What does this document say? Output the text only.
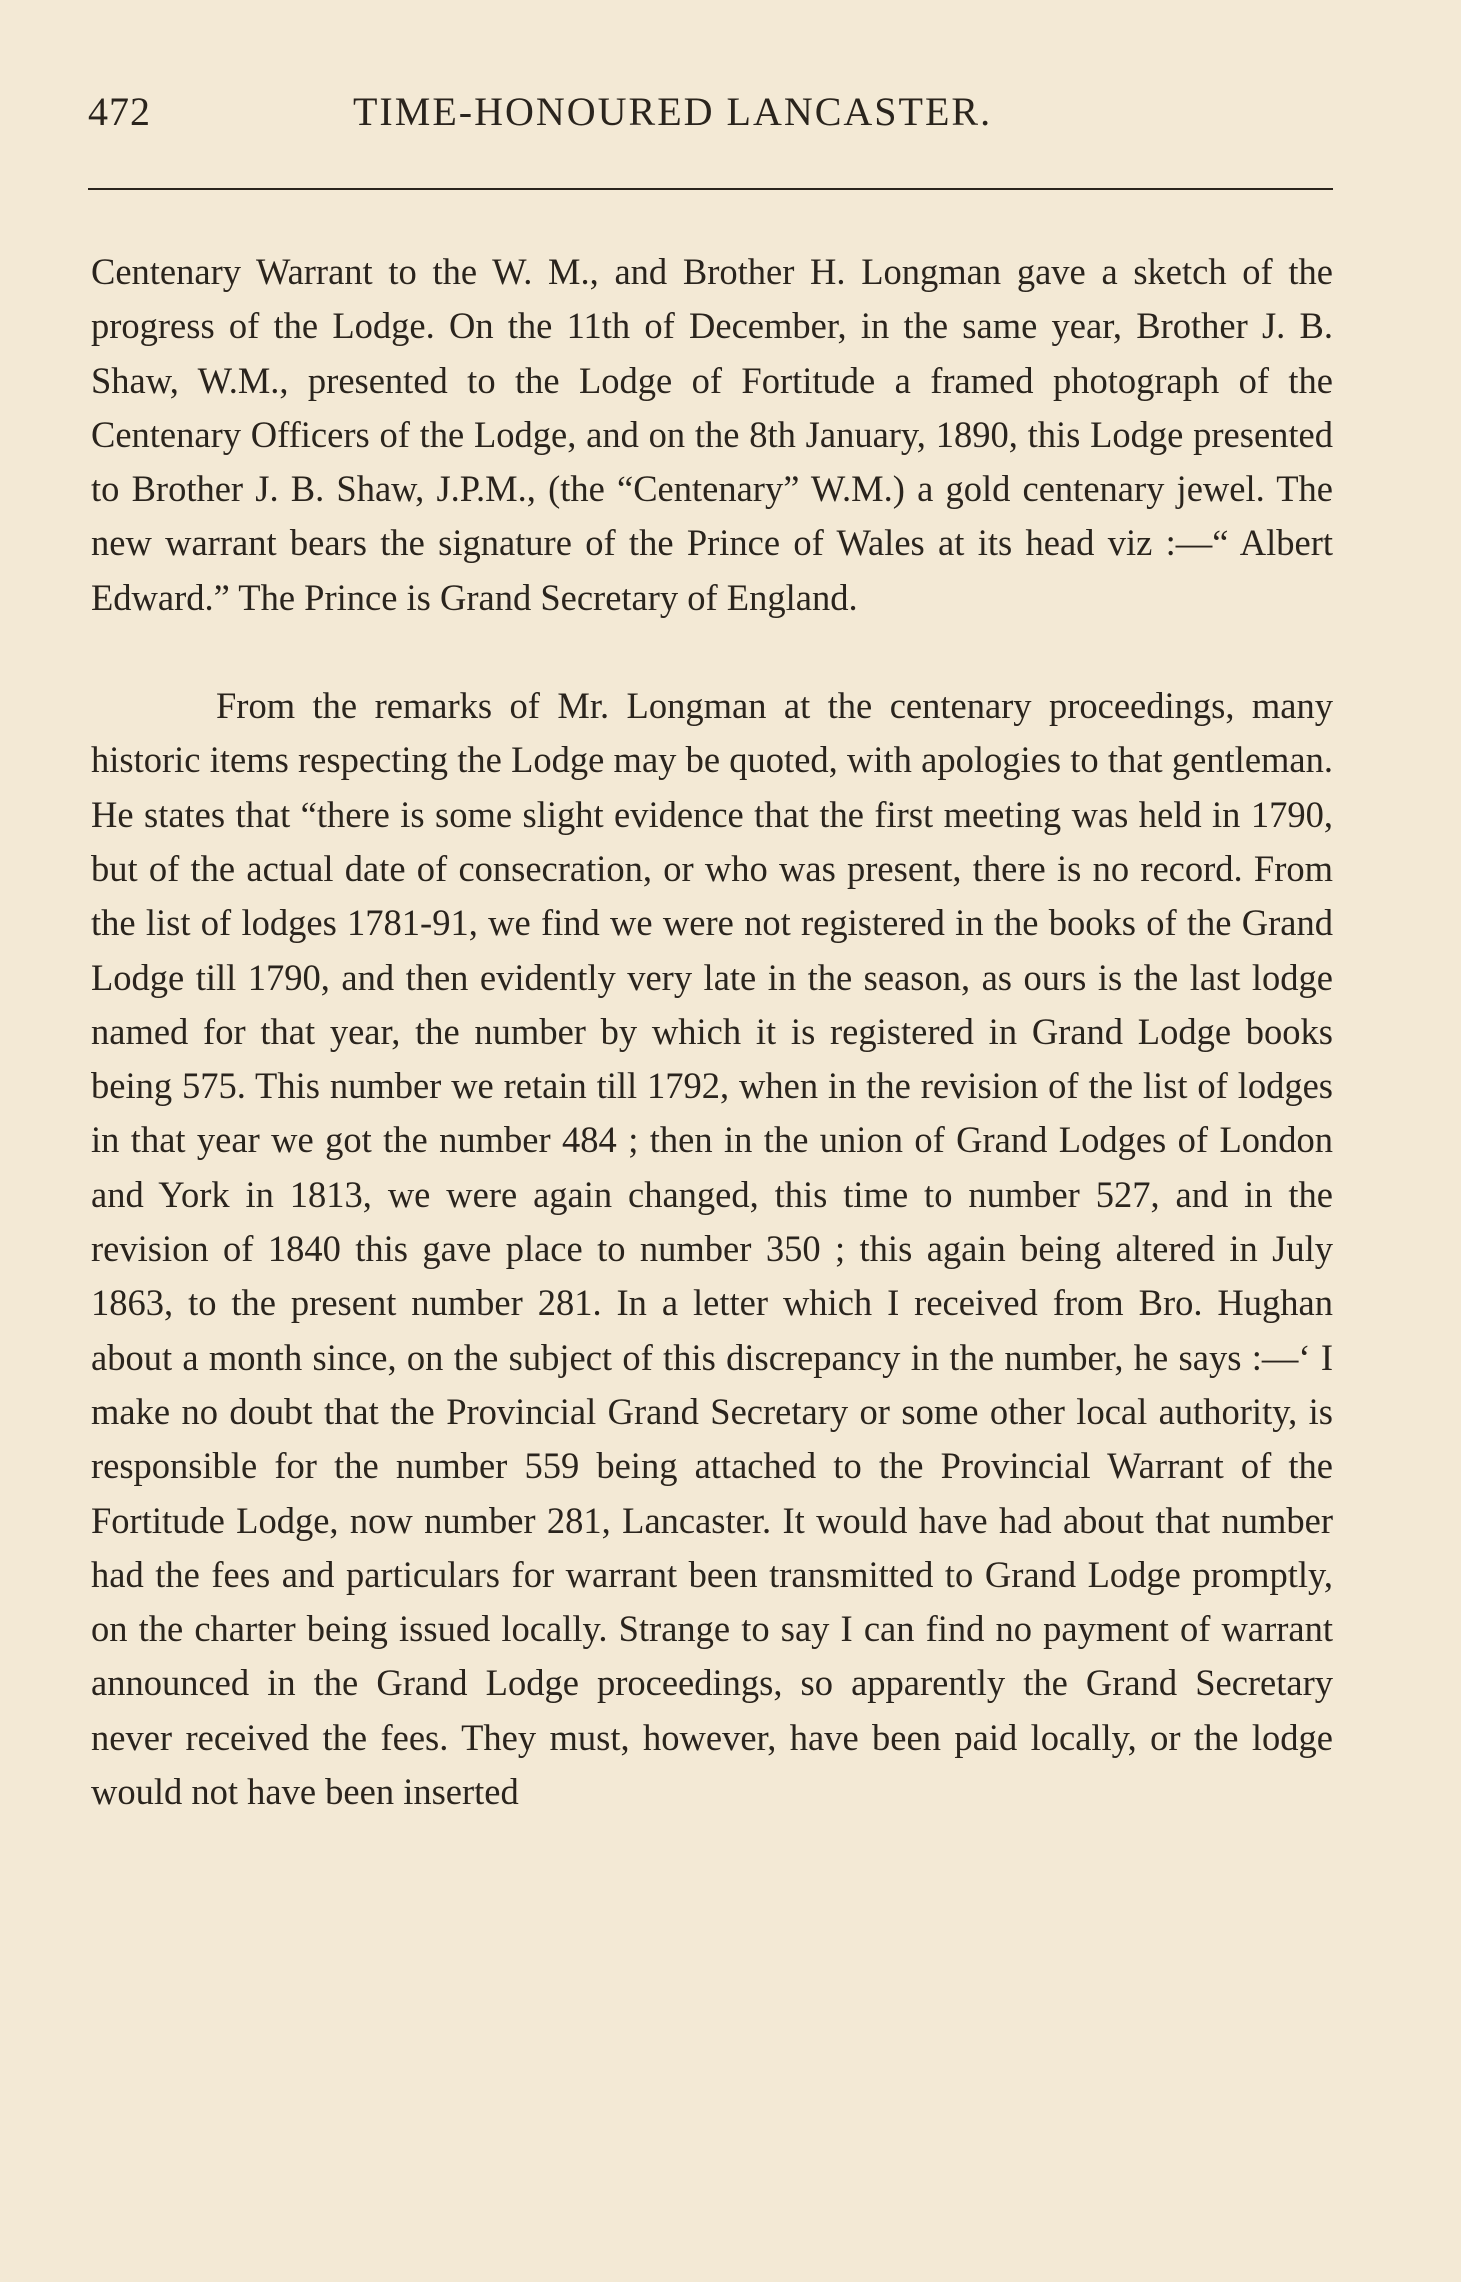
472	TIME-HONOURED LANCASTER.

Centenary Warrant to the W. M., and Brother H. Longman gave a sketch of the progress of the Lodge. On the 11th of December, in the same year, Brother J. B. Shaw, W.M., presented to the Lodge of Fortitude a framed photograph of the Centenary Officers of the Lodge, and on the 8th January, 1890, this Lodge presented to Brother J. B. Shaw, J.P.M., (the “Centenary” W.M.) a gold centenary jewel. The new warrant bears the signature of the Prince of Wales at its head viz :—“ Albert Edward.” The Prince is Grand Secretary of England.

From the remarks of Mr. Longman at the centenary proceedings, many historic items respecting the Lodge may be quoted, with apologies to that gentleman. He states that “there is some slight evidence that the first meeting was held in 1790, but of the actual date of consecration, or who was present, there is no record. From the list of lodges 1781-91, we find we were not registered in the books of the Grand Lodge till 1790, and then evidently very late in the season, as ours is the last lodge named for that year, the number by which it is registered in Grand Lodge books being 575. This number we retain till 1792, when in the revision of the list of lodges in that year we got the number 484 ; then in the union of Grand Lodges of London and York in 1813, we were again changed, this time to number 527, and in the revision of 1840 this gave place to number 350 ; this again being altered in July 1863, to the present number 281. In a letter which I received from Bro. Hughan about a month since, on the subject of this discrepancy in the number, he says :—‘ I make no doubt that the Provincial Grand Secretary or some other local authority, is responsible for the number 559 being attached to the Provincial Warrant of the Fortitude Lodge, now number 281, Lancaster. It would have had about that number had the fees and particulars for warrant been transmitted to Grand Lodge promptly, on the charter being issued locally. Strange to say I can find no payment of warrant announced in the Grand Lodge proceedings, so apparently the Grand Secretary never received the fees. They must, however, have been paid locally, or the lodge would not have been inserted
